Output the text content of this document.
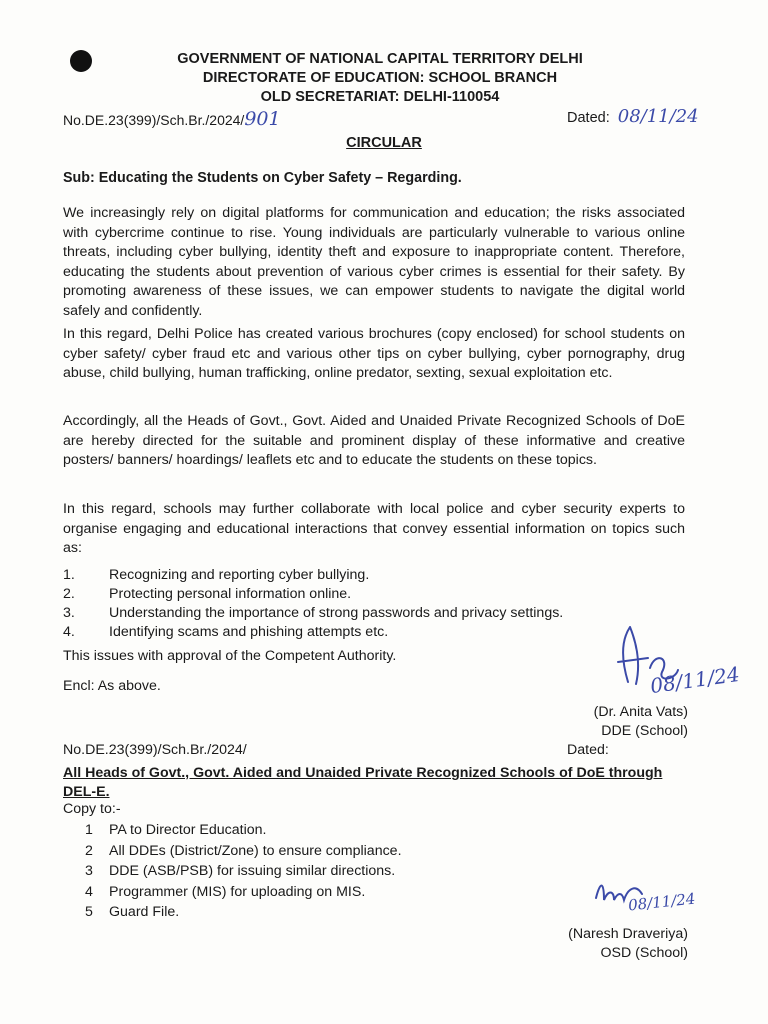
GOVERNMENT OF NATIONAL CAPITAL TERRITORY DELHI
DIRECTORATE OF EDUCATION: SCHOOL BRANCH
OLD SECRETARIAT: DELHI-110054
No.DE.23(399)/Sch.Br./2024/901	Dated: 08/11/24
CIRCULAR
Sub: Educating the Students on Cyber Safety – Regarding.
We increasingly rely on digital platforms for communication and education; the risks associated with cybercrime continue to rise. Young individuals are particularly vulnerable to various online threats, including cyber bullying, identity theft and exposure to inappropriate content. Therefore, educating the students about prevention of various cyber crimes is essential for their safety. By promoting awareness of these issues, we can empower students to navigate the digital world safely and confidently.
In this regard, Delhi Police has created various brochures (copy enclosed) for school students on cyber safety/ cyber fraud etc and various other tips on cyber bullying, cyber pornography, drug abuse, child bullying, human trafficking, online predator, sexting, sexual exploitation etc.
Accordingly, all the Heads of Govt., Govt. Aided and Unaided Private Recognized Schools of DoE are hereby directed for the suitable and prominent display of these informative and creative posters/ banners/ hoardings/ leaflets etc and to educate the students on these topics.
In this regard, schools may further collaborate with local police and cyber security experts to organise engaging and educational interactions that convey essential information on topics such as:
1.	Recognizing and reporting cyber bullying.
2.	Protecting personal information online.
3.	Understanding the importance of strong passwords and privacy settings.
4.	Identifying scams and phishing attempts etc.
This issues with approval of the Competent Authority.
Encl: As above.	08/11/24
(Dr. Anita Vats)
DDE (School)
No.DE.23(399)/Sch.Br./2024/	Dated:
All Heads of Govt., Govt. Aided and Unaided Private Recognized Schools of DoE through DEL-E.
Copy to:-
1	PA to Director Education.
2	All DDEs (District/Zone) to ensure compliance.
3	DDE (ASB/PSB) for issuing similar directions.
4	Programmer (MIS) for uploading on MIS.
5	Guard File.	08/11/24
(Naresh Draveriya)
OSD (School)
